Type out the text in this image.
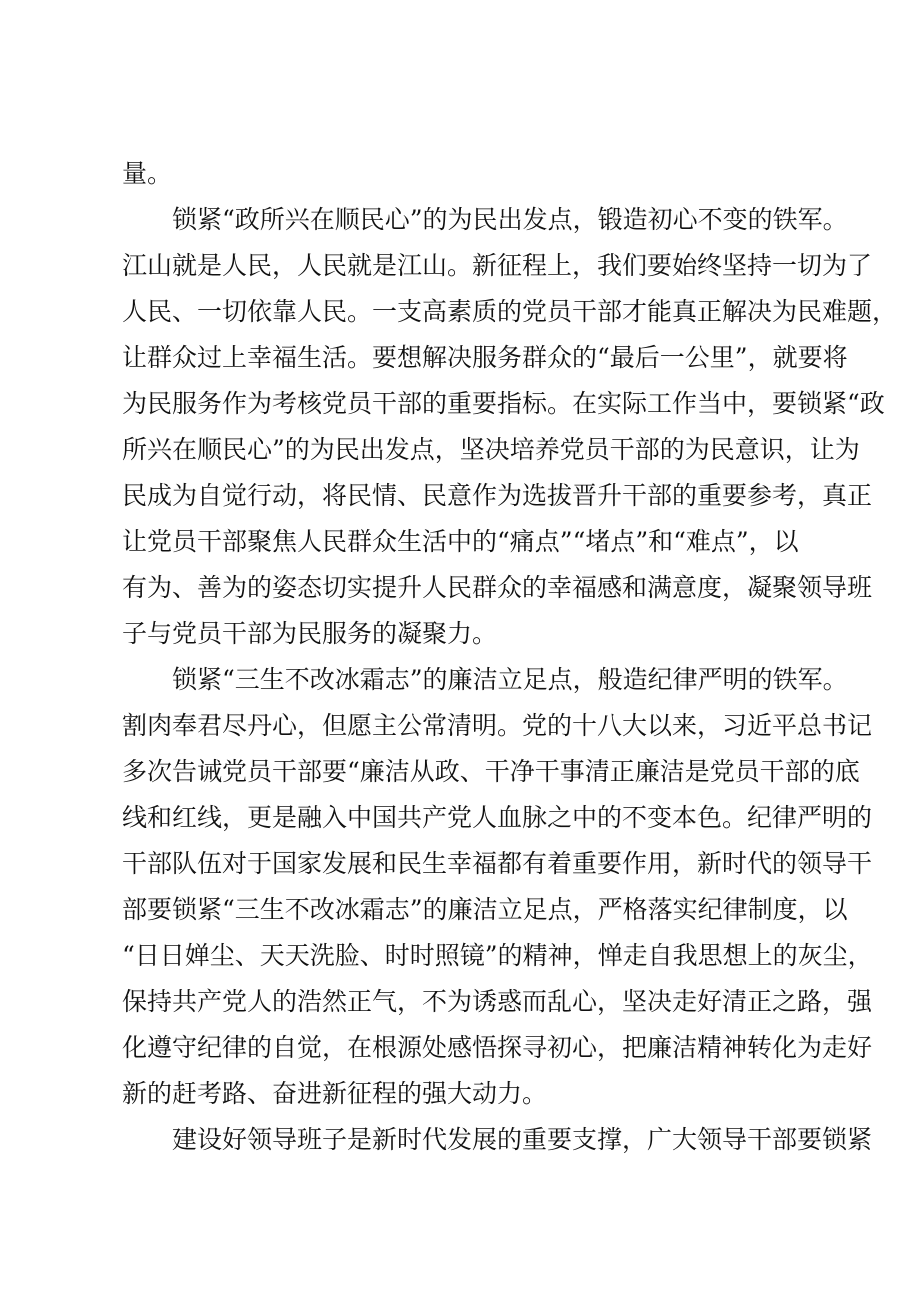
量。
锁紧“政所兴在顺民心”的为民出发点，锻造初心不变的铁军。
江山就是人民，人民就是江山。新征程上，我们要始终坚持一切为了
人民、一切依靠人民。一支高素质的党员干部才能真正解决为民难题，
让群众过上幸福生活。要想解决服务群众的“最后一公里”，就要将
为民服务作为考核党员干部的重要指标。在实际工作当中，要锁紧“政
所兴在顺民心”的为民出发点，坚决培养党员干部的为民意识，让为
民成为自觉行动，将民情、民意作为选拔晋升干部的重要参考，真正
让党员干部聚焦人民群众生活中的“痛点”“堵点”和“难点”，以
有为、善为的姿态切实提升人民群众的幸福感和满意度，凝聚领导班
子与党员干部为民服务的凝聚力。
锁紧“三生不改冰霜志”的廉洁立足点，般造纪律严明的铁军。
割肉奉君尽丹心，但愿主公常清明。党的十八大以来，习近平总书记
多次告诫党员干部要“廉洁从政、干净干事清正廉洁是党员干部的底
线和红线，更是融入中国共产党人血脉之中的不变本色。纪律严明的
干部队伍对于国家发展和民生幸福都有着重要作用，新时代的领导干
部要锁紧“三生不改冰霜志”的廉洁立足点，严格落实纪律制度，以
“日日婵尘、天天洗脸、时时照镜”的精神，惮走自我思想上的灰尘，
保持共产党人的浩然正气，不为诱惑而乱心，坚决走好清正之路，强
化遵守纪律的自觉，在根源处感悟探寻初心，把廉洁精神转化为走好
新的赶考路、奋进新征程的强大动力。
建设好领导班子是新时代发展的重要支撑，广大领导干部要锁紧
